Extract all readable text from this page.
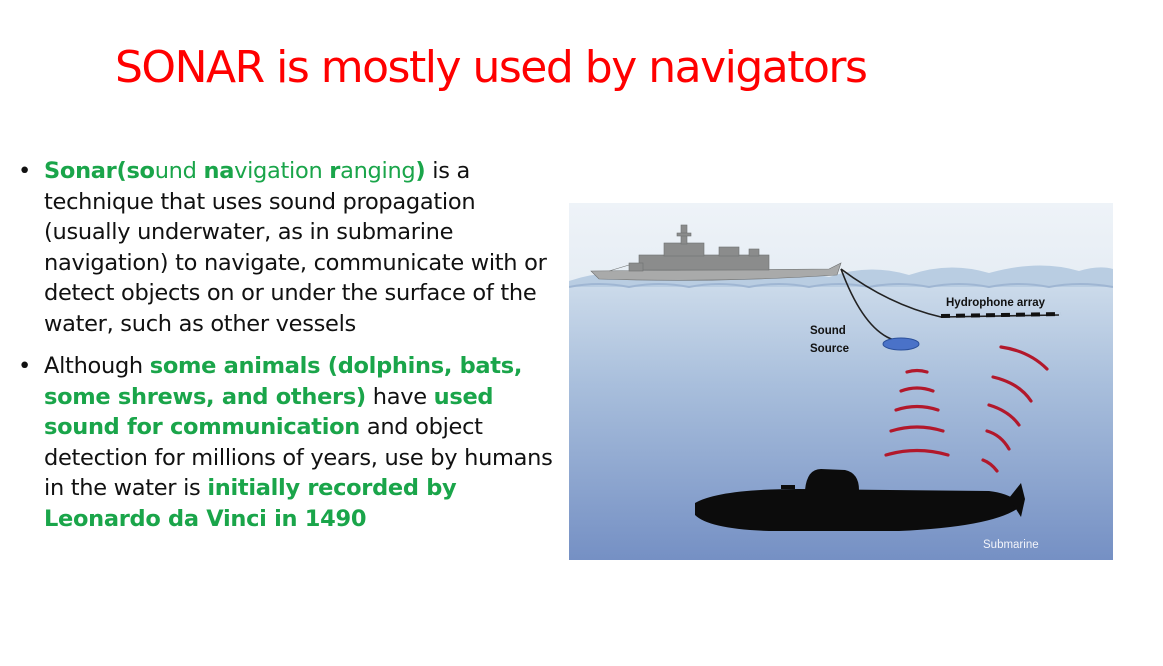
SONAR is mostly used by navigators
• Sonar(sound navigation ranging) is a technique that uses sound propagation (usually underwater, as in submarine navigation) to navigate, communicate with or detect objects on or under the surface of the water, such as other vessels
• Although some animals (dolphins, bats, some shrews, and others) have used sound for communication and object detection for millions of years, use by humans in the water is initially recorded by Leonardo da Vinci in 1490
Hydrophone array
Sound
Source
Submarine
